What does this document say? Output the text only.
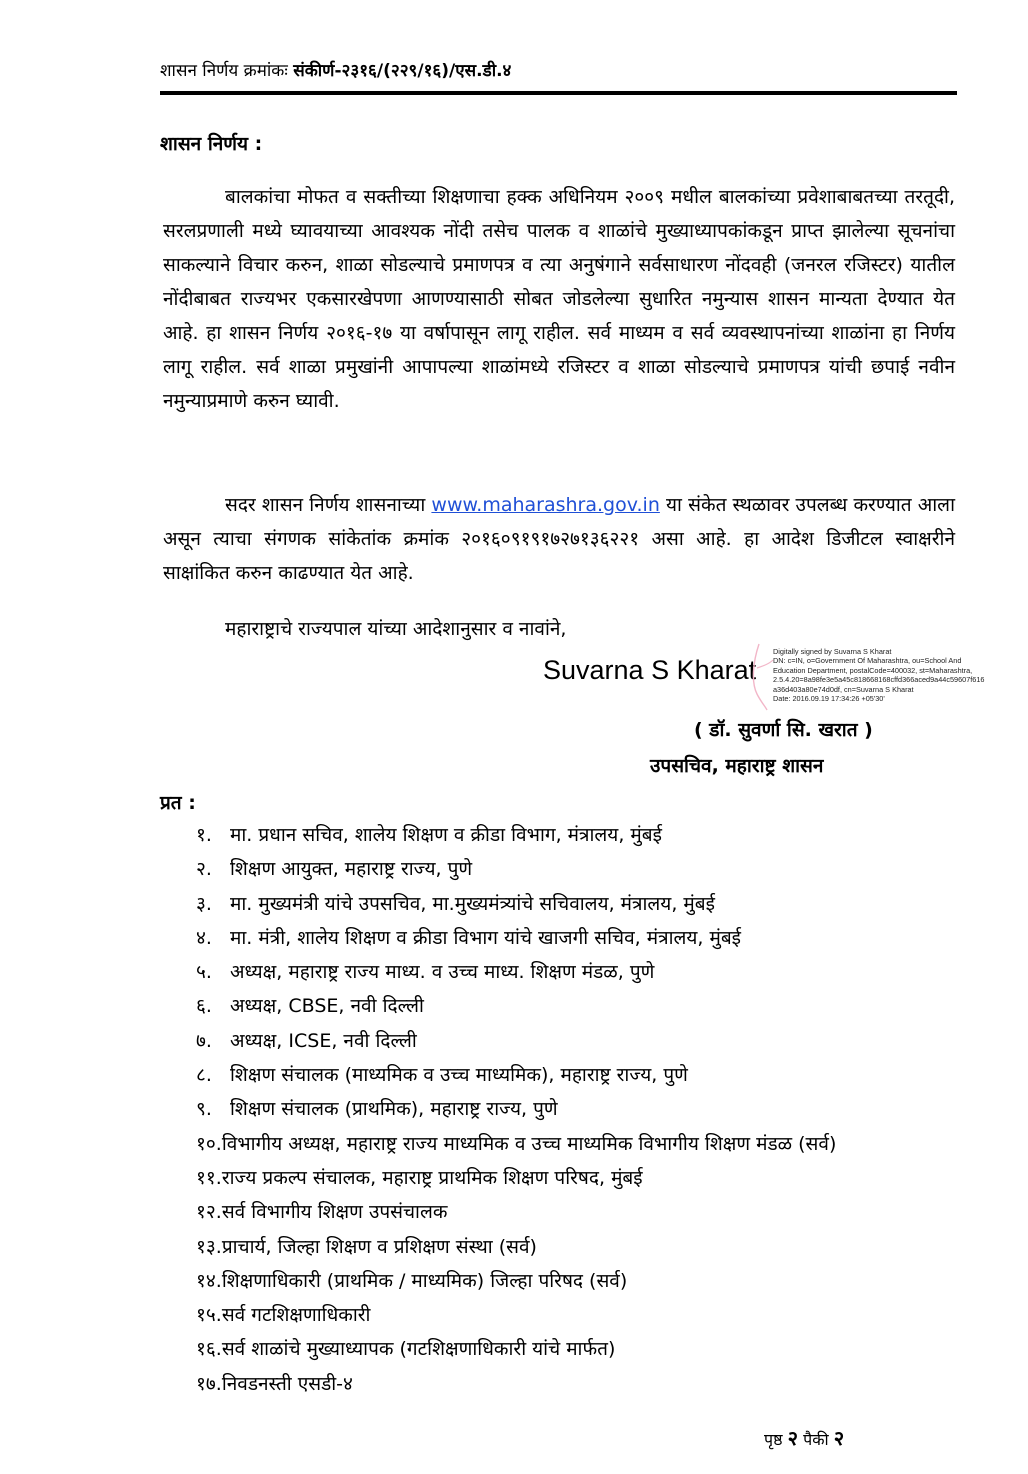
शासन निर्णय क्रमांकः संकीर्ण-२३१६/(२२९/१६)/एस.डी.४
शासन निर्णय :

बालकांचा मोफत व सक्तीच्या शिक्षणाचा हक्क अधिनियम २००९ मधील बालकांच्या प्रवेशाबाबतच्या तरतूदी, सरलप्रणाली मध्ये घ्यावयाच्या आवश्यक नोंदी तसेच पालक व शाळांचे मुख्याध्यापकांकडून प्राप्त झालेल्या सूचनांचा साकल्याने विचार करुन, शाळा सोडल्याचे प्रमाणपत्र व त्या अनुषंगाने सर्वसाधारण नोंदवही (जनरल रजिस्टर) यातील नोंदीबाबत राज्यभर एकसारखेपणा आणण्यासाठी सोबत जोडलेल्या सुधारित नमुन्यास शासन मान्यता देण्यात येत आहे. हा शासन निर्णय २०१६-१७ या वर्षापासून लागू राहील. सर्व माध्यम व सर्व व्यवस्थापनांच्या शाळांना हा निर्णय लागू राहील. सर्व शाळा प्रमुखांनी आपापल्या शाळांमध्ये रजिस्टर व शाळा सोडल्याचे प्रमाणपत्र यांची छपाई नवीन नमुन्याप्रमाणे करुन घ्यावी.

सदर शासन निर्णय शासनाच्या www.maharashra.gov.in या संकेत स्थळावर उपलब्ध करण्यात आला असून त्याचा संगणक सांकेतांक क्रमांक २०१६०९१९१७२७१३६२२१ असा आहे. हा आदेश डिजीटल स्वाक्षरीने साक्षांकित करुन काढण्यात येत आहे.

महाराष्ट्राचे राज्यपाल यांच्या आदेशानुसार व नावांने,

Suvarna S Kharat
Digitally signed by Suvarna S Kharat
DN: c=IN, o=Government Of Maharashtra, ou=School And
Education Department, postalCode=400032, st=Maharashtra,
2.5.4.20=8a98fe3e5a45c818668168cffd366aced9a44c59607f616
a36d403a80e74d0df, cn=Suvarna S Kharat
Date: 2016.09.19 17:34:26 +05'30'
( डॉ. सुवर्णा सि. खरात )
उपसचिव, महाराष्ट्र शासन
प्रत :
१. मा. प्रधान सचिव, शालेय शिक्षण व क्रीडा विभाग, मंत्रालय, मुंबई
२. शिक्षण आयुक्त, महाराष्ट्र राज्य, पुणे
३. मा. मुख्यमंत्री यांचे उपसचिव, मा.मुख्यमंत्र्यांचे सचिवालय, मंत्रालय, मुंबई
४. मा. मंत्री, शालेय शिक्षण व क्रीडा विभाग यांचे खाजगी सचिव, मंत्रालय, मुंबई
५. अध्यक्ष, महाराष्ट्र राज्य माध्य. व उच्च माध्य. शिक्षण मंडळ, पुणे
६. अध्यक्ष, CBSE, नवी दिल्ली
७. अध्यक्ष, ICSE, नवी दिल्ली
८. शिक्षण संचालक (माध्यमिक व उच्च माध्यमिक), महाराष्ट्र राज्य, पुणे
९. शिक्षण संचालक (प्राथमिक), महाराष्ट्र राज्य, पुणे
१०.विभागीय अध्यक्ष, महाराष्ट्र राज्य माध्यमिक व उच्च माध्यमिक विभागीय शिक्षण मंडळ (सर्व)
११.राज्य प्रकल्प संचालक, महाराष्ट्र प्राथमिक शिक्षण परिषद, मुंबई
१२.सर्व विभागीय शिक्षण उपसंचालक
१३.प्राचार्य, जिल्हा शिक्षण व प्रशिक्षण संस्था (सर्व)
१४.शिक्षणाधिकारी (प्राथमिक / माध्यमिक) जिल्हा परिषद (सर्व)
१५.सर्व गटशिक्षणाधिकारी
१६.सर्व शाळांचे मुख्याध्यापक (गटशिक्षणाधिकारी यांचे मार्फत)
१७.निवडनस्ती एसडी-४
पृष्ठ २ पैकी २
